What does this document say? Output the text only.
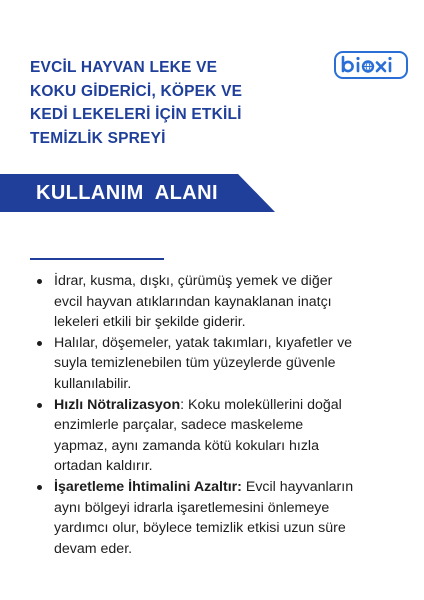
EVCİL HAYVAN LEKE VE
KOKU GİDERİCİ, KÖPEK VE
KEDİ LEKELERİ İÇİN ETKİLİ
TEMİZLİK SPREYİ
KULLANIM  ALANI
İdrar, kusma, dışkı, çürümüş yemek ve diğer
evcil hayvan atıklarından kaynaklanan inatçı
lekeleri etkili bir şekilde giderir.
Halılar, döşemeler, yatak takımları, kıyafetler ve
suyla temizlenebilen tüm yüzeylerde güvenle
kullanılabilir.
Hızlı Nötralizasyon: Koku moleküllerini doğal
enzimlerle parçalar, sadece maskeleme
yapmaz, aynı zamanda kötü kokuları hızla
ortadan kaldırır.
İşaretleme İhtimalini Azaltır: Evcil hayvanların
aynı bölgeyi idrarla işaretlemesini önlemeye
yardımcı olur, böylece temizlik etkisi uzun süre
devam eder.
